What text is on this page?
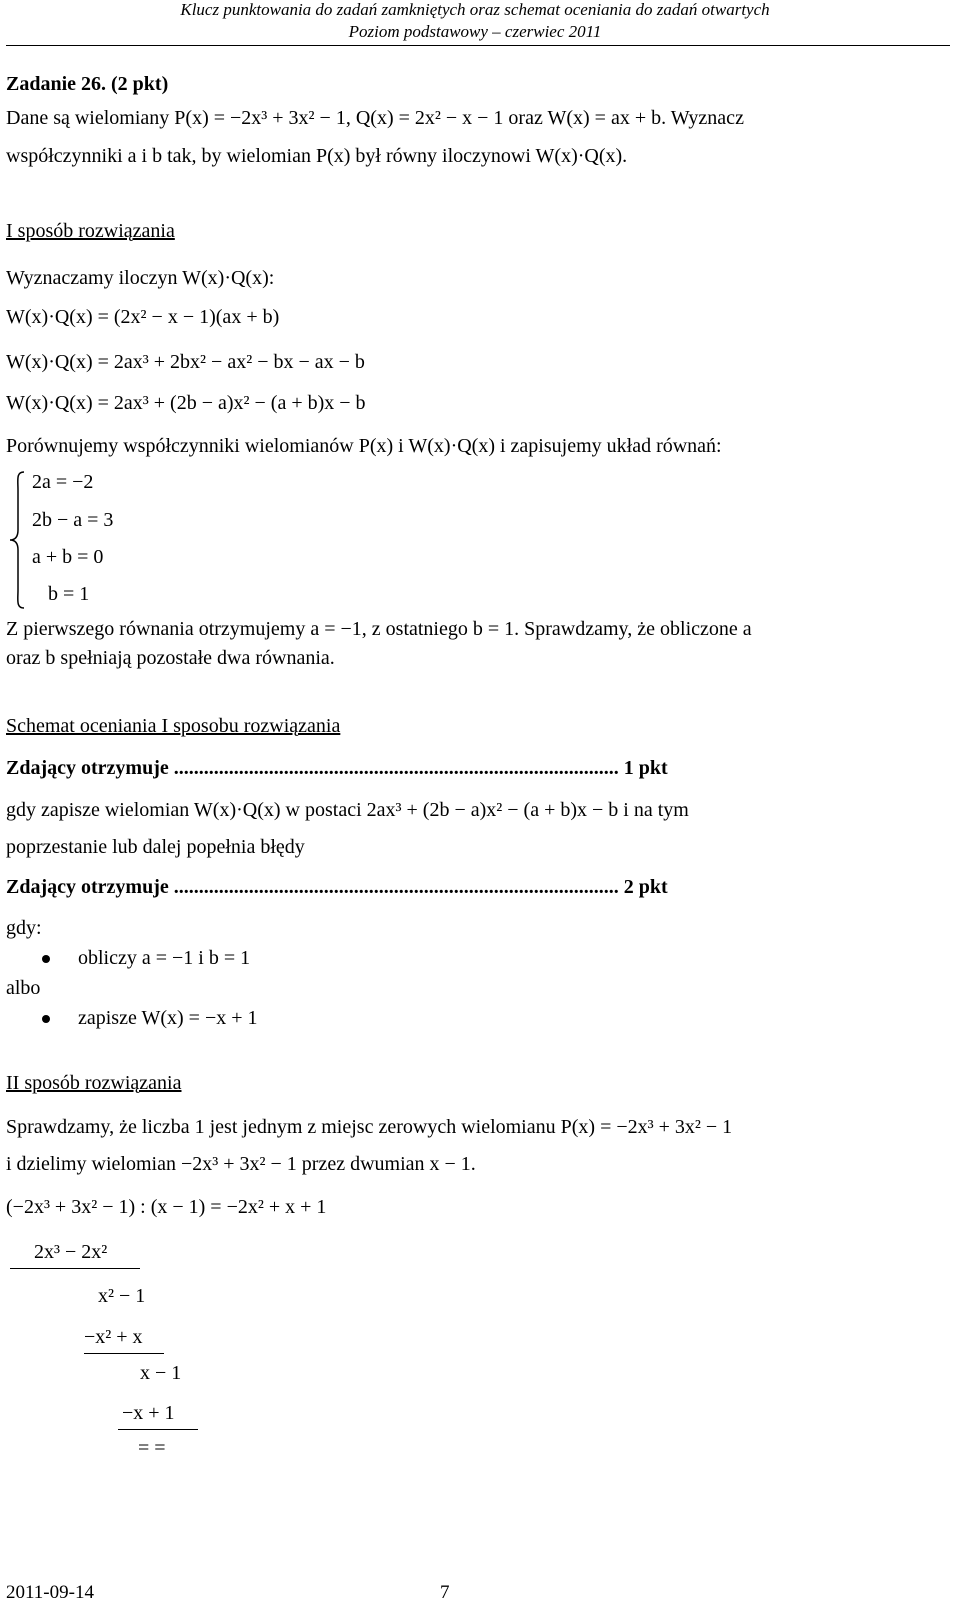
Klucz punktowania do zadań zamkniętych oraz schemat oceniania do zadań otwartych
Poziom podstawowy – czerwiec 2011
Zadanie 26. (2 pkt)
Dane są wielomiany P(x) = −2x³ + 3x² − 1, Q(x) = 2x² − x − 1 oraz W(x) = ax + b. Wyznacz
współczynniki a i b tak, by wielomian P(x) był równy iloczynowi W(x)·Q(x).
I sposób rozwiązania
Wyznaczamy iloczyn W(x)·Q(x):
W(x)·Q(x) = (2x² − x − 1)(ax + b)
W(x)·Q(x) = 2ax³ + 2bx² − ax² − bx − ax − b
W(x)·Q(x) = 2ax³ + (2b − a)x² − (a + b)x − b
Porównujemy współczynniki wielomianów P(x) i W(x)·Q(x) i zapisujemy układ równań:
2a = −2
2b − a = 3
a + b = 0
b = 1
Z pierwszego równania otrzymujemy a = −1, z ostatniego b = 1. Sprawdzamy, że obliczone a
oraz b spełniają pozostałe dwa równania.
Schemat oceniania I sposobu rozwiązania
Zdający otrzymuje ......................................................................................... 1 pkt
gdy zapisze wielomian W(x)·Q(x) w postaci 2ax³ + (2b − a)x² − (a + b)x − b i na tym
poprzestanie lub dalej popełnia błędy
Zdający otrzymuje ......................................................................................... 2 pkt
gdy:
obliczy a = −1 i b = 1
albo
zapisze W(x) = −x + 1
II sposób rozwiązania
Sprawdzamy, że liczba 1 jest jednym z miejsc zerowych wielomianu P(x) = −2x³ + 3x² − 1
i dzielimy wielomian −2x³ + 3x² − 1 przez dwumian x − 1.
(−2x³ + 3x² − 1) : (x − 1) = −2x² + x + 1
2x³ − 2x²
x² − 1
−x² + x
x − 1
−x + 1
= =
2011-09-14	7
